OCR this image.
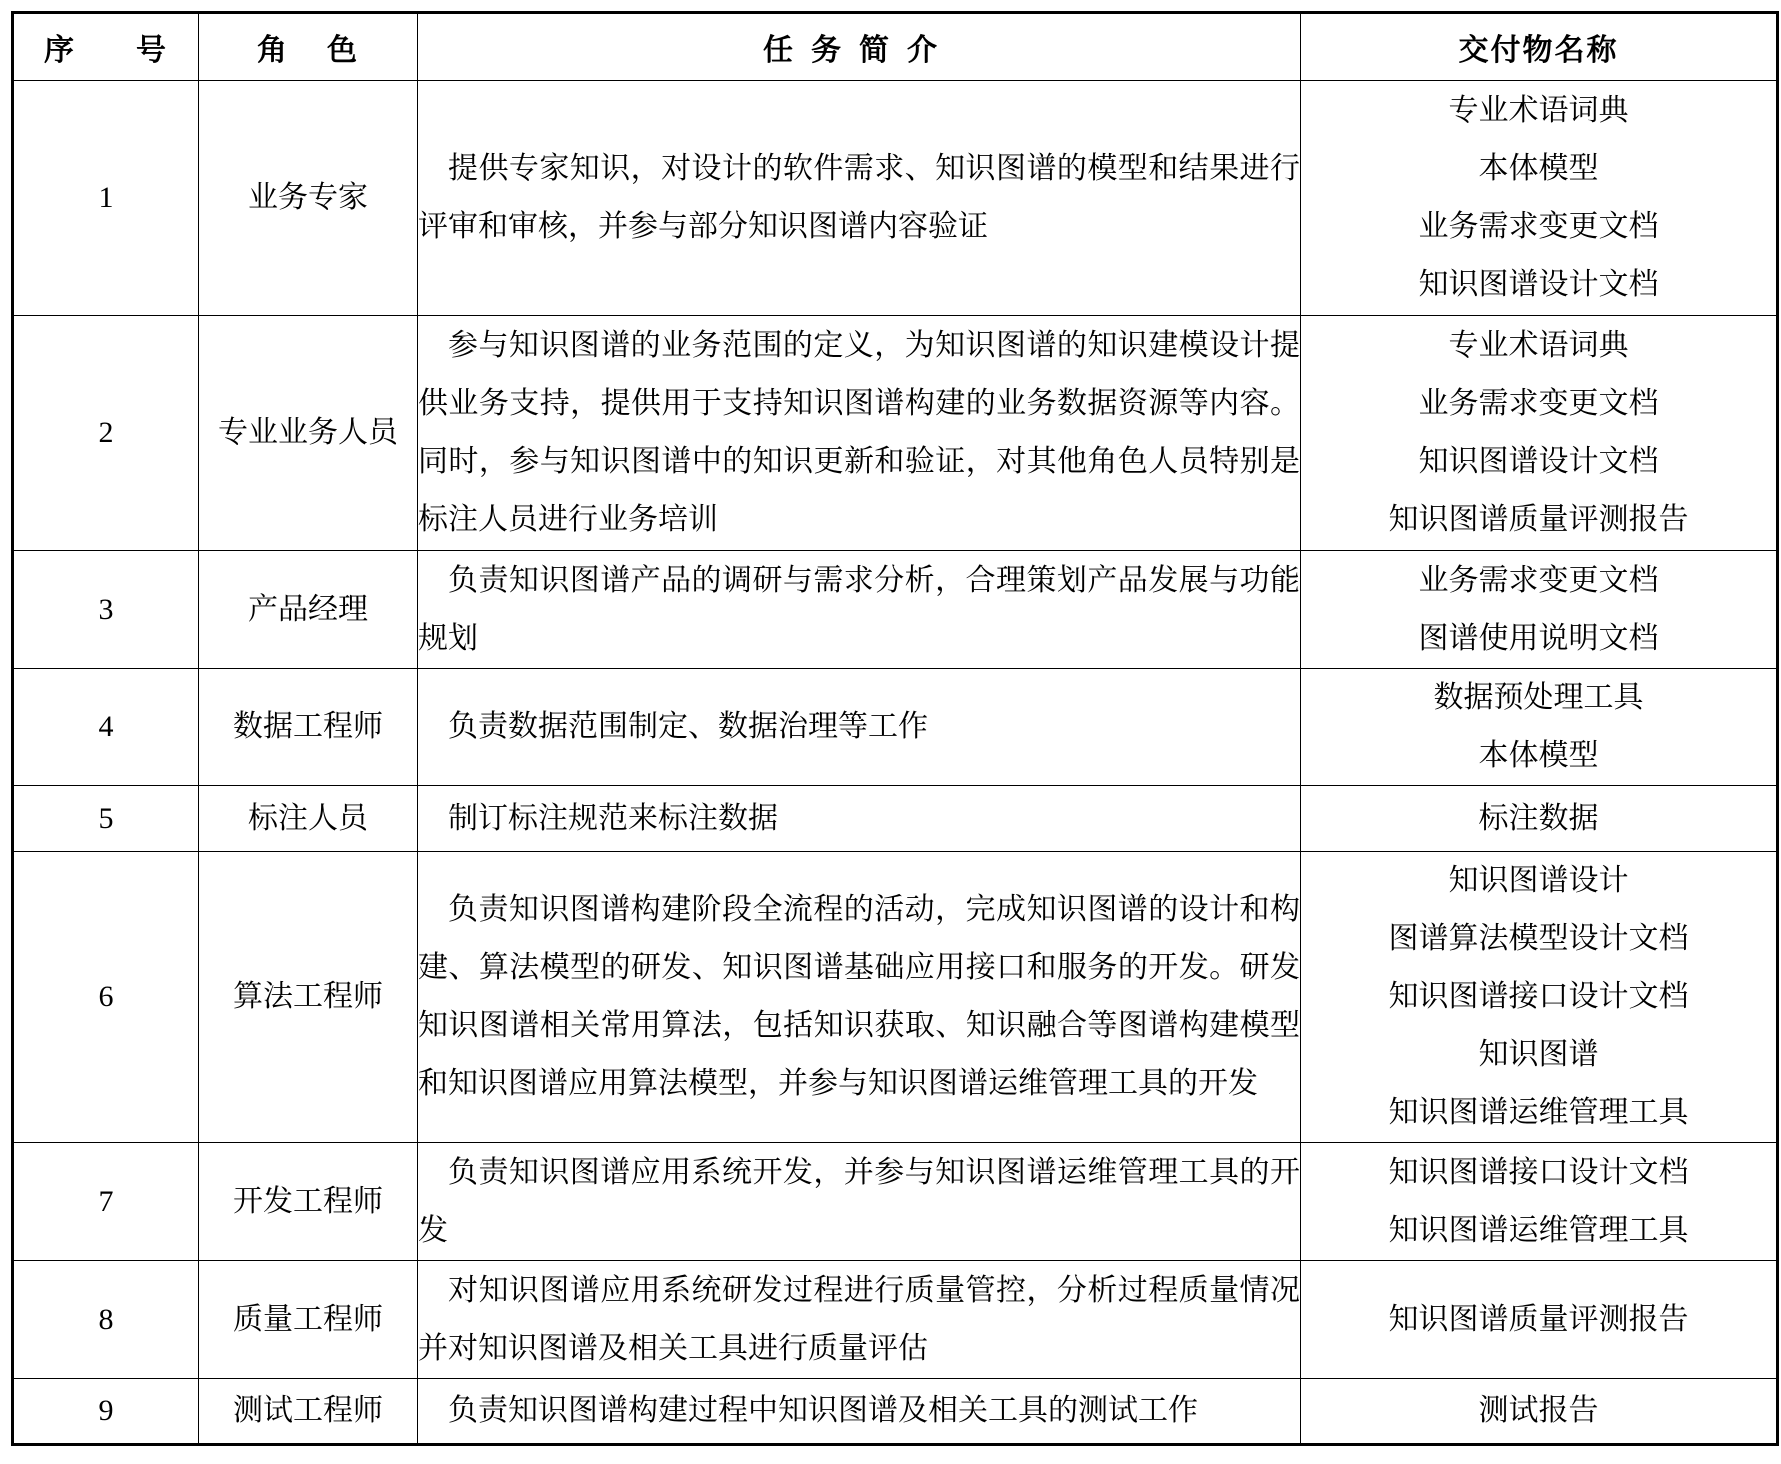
序 号	角 色	任务简介	交付物名称
1	业务专家	提供专家知识，对设计的软件需求、知识图谱的模型和结果进行评审和审核，并参与部分知识图谱内容验证	专业术语词典
本体模型
业务需求变更文档
知识图谱设计文档

2	专业业务人员	参与知识图谱的业务范围的定义，为知识图谱的知识建模设计提供业务支持，提供用于支持知识图谱构建的业务数据资源等内容。同时，参与知识图谱中的知识更新和验证，对其他角色人员特别是标注人员进行业务培训	专业术语词典
业务需求变更文档
知识图谱设计文档
知识图谱质量评测报告

3	产品经理	负责知识图谱产品的调研与需求分析，合理策划产品发展与功能规划	业务需求变更文档
图谱使用说明文档

4	数据工程师	负责数据范围制定、数据治理等工作	数据预处理工具
本体模型

5	标注人员	制订标注规范来标注数据	标注数据

6	算法工程师	负责知识图谱构建阶段全流程的活动，完成知识图谱的设计和构建、算法模型的研发、知识图谱基础应用接口和服务的开发。研发知识图谱相关常用算法，包括知识获取、知识融合等图谱构建模型和知识图谱应用算法模型，并参与知识图谱运维管理工具的开发	知识图谱设计
图谱算法模型设计文档
知识图谱接口设计文档
知识图谱
知识图谱运维管理工具

7	开发工程师	负责知识图谱应用系统开发，并参与知识图谱运维管理工具的开发	知识图谱接口设计文档
知识图谱运维管理工具

8	质量工程师	对知识图谱应用系统研发过程进行质量管控，分析过程质量情况并对知识图谱及相关工具进行质量评估	知识图谱质量评测报告

9	测试工程师	负责知识图谱构建过程中知识图谱及相关工具的测试工作	测试报告
